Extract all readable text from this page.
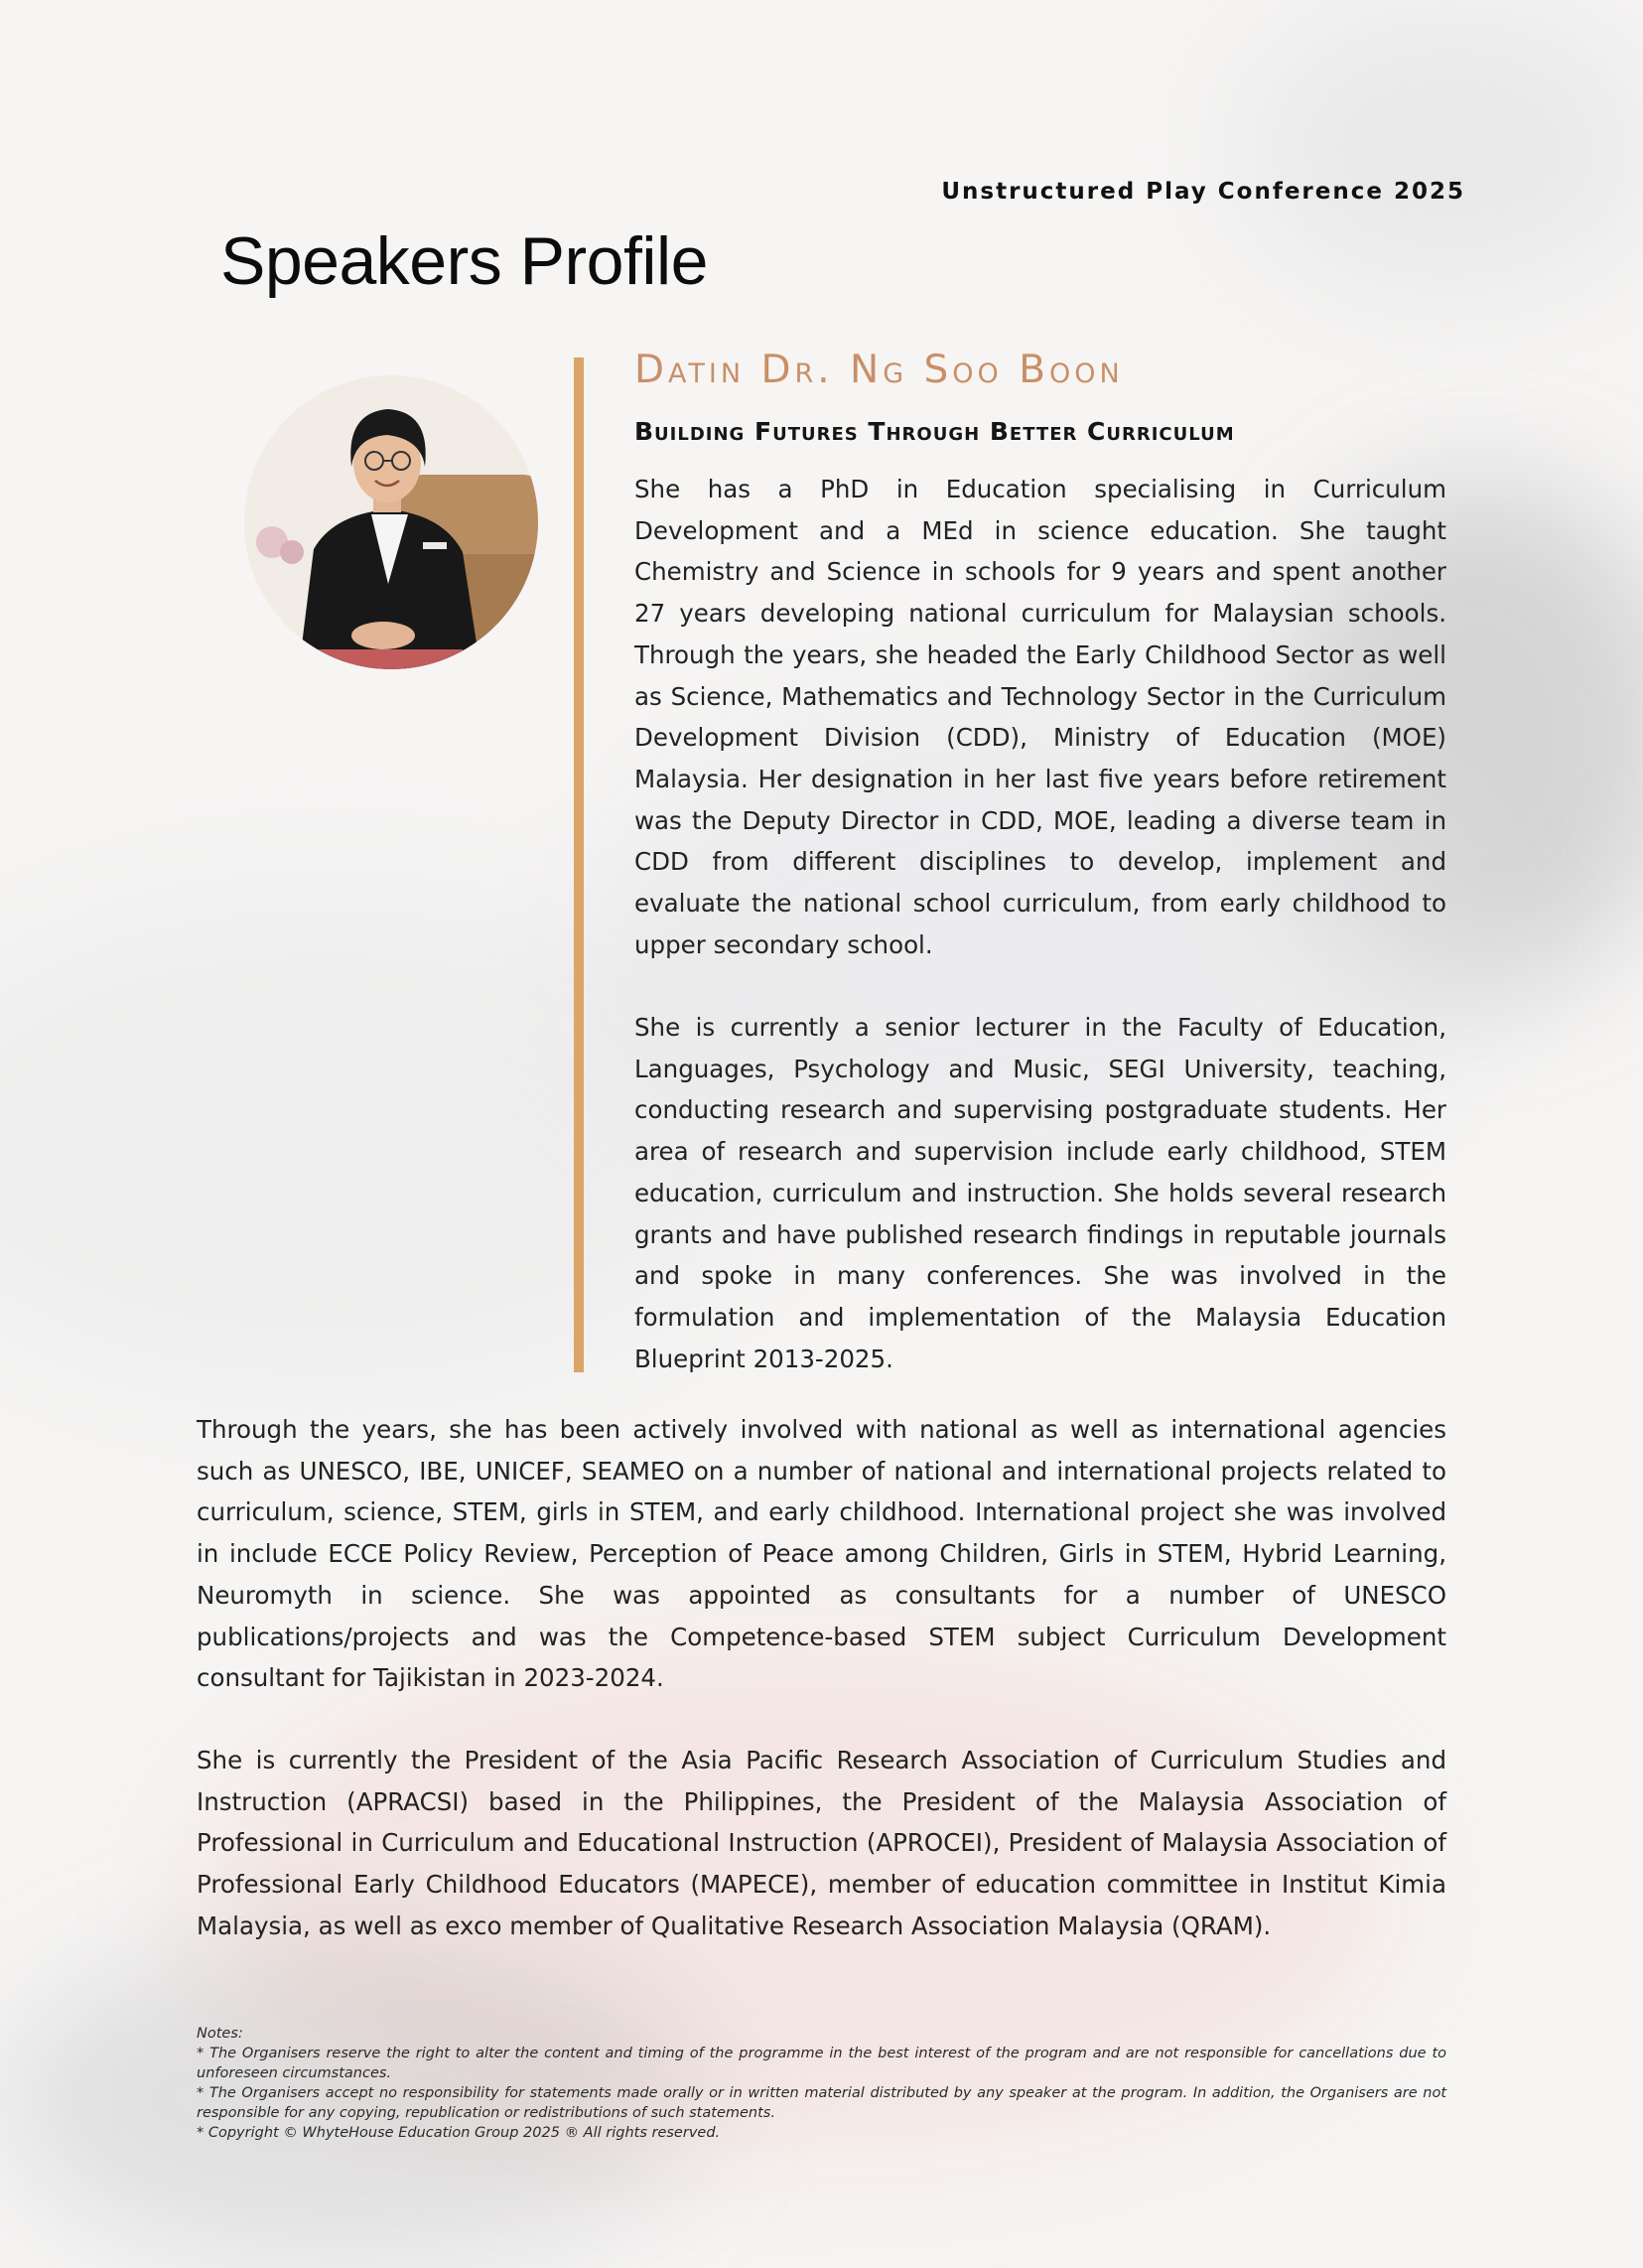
Unstructured Play Conference 2025
Speakers Profile
Datin Dr. Ng Soo Boon
Building Futures Through Better Curriculum

She has a PhD in Education specialising in Curriculum Development and a MEd in science education. She taught Chemistry and Science in schools for 9 years and spent another 27 years developing national curriculum for Malaysian schools. Through the years, she headed the Early Childhood Sector as well as Science, Mathematics and Technology Sector in the Curriculum Development Division (CDD), Ministry of Education (MOE) Malaysia. Her designation in her last five years before retirement was the Deputy Director in CDD, MOE, leading a diverse team in CDD from different disciplines to develop, implement and evaluate the national school curriculum, from early childhood to upper secondary school.

She is currently a senior lecturer in the Faculty of Education, Languages, Psychology and Music, SEGI University, teaching, conducting research and supervising postgraduate students. Her area of research and supervision include early childhood, STEM education, curriculum and instruction. She holds several research grants and have published research findings in reputable journals and spoke in many conferences. She was involved in the formulation and implementation of the Malaysia Education Blueprint 2013-2025.

Through the years, she has been actively involved with national as well as international agencies such as UNESCO, IBE, UNICEF, SEAMEO on a number of national and international projects related to curriculum, science, STEM, girls in STEM, and early childhood. International project she was involved in include ECCE Policy Review, Perception of Peace among Children, Girls in STEM, Hybrid Learning, Neuromyth in science. She was appointed as consultants for a number of UNESCO publications/projects and was the Competence-based STEM subject Curriculum Development consultant for Tajikistan in 2023-2024.

She is currently the President of the Asia Pacific Research Association of Curriculum Studies and Instruction (APRACSI) based in the Philippines, the President of the Malaysia Association of Professional in Curriculum and Educational Instruction (APROCEI), President of Malaysia Association of Professional Early Childhood Educators (MAPECE), member of education committee in Institut Kimia Malaysia, as well as exco member of Qualitative Research Association Malaysia (QRAM).

Notes:
* The Organisers reserve the right to alter the content and timing of the programme in the best interest of the program and are not responsible for cancellations due to unforeseen circumstances.
* The Organisers accept no responsibility for statements made orally or in written material distributed by any speaker at the program. In addition, the Organisers are not responsible for any copying, republication or redistributions of such statements.
* Copyright © WhyteHouse Education Group 2025 ® All rights reserved.
